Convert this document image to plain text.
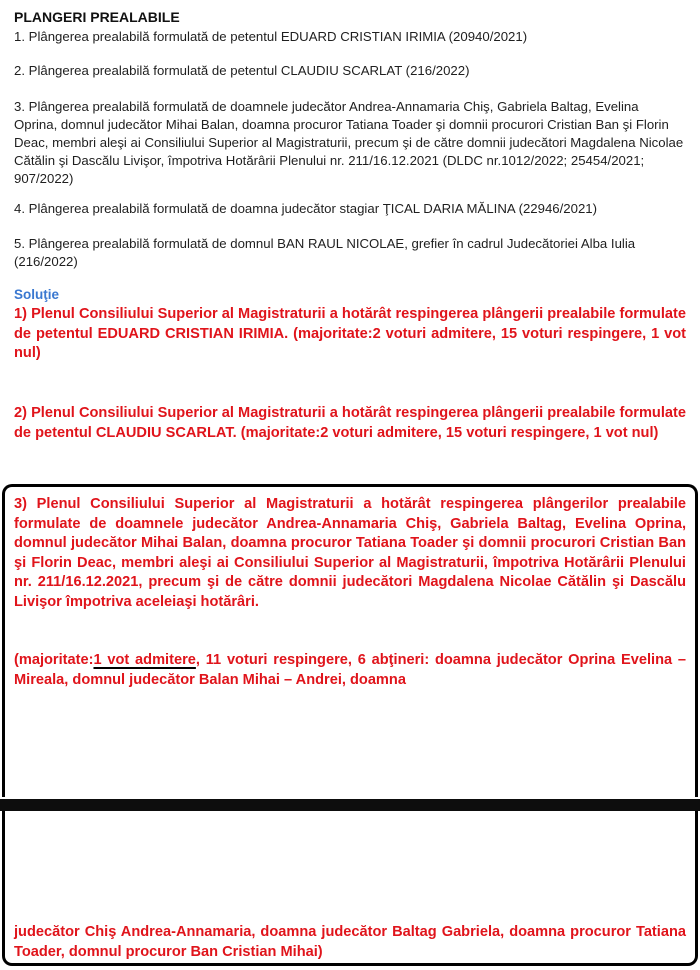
PLANGERI PREALABILE
1. Plângerea prealabilă formulată de petentul EDUARD CRISTIAN IRIMIA (20940/2021)
2. Plângerea prealabilă formulată de petentul CLAUDIU SCARLAT (216/2022)
3. Plângerea prealabilă formulată de doamnele judecător Andrea-Annamaria Chiş, Gabriela Baltag, Evelina Oprina, domnul judecător Mihai Balan, doamna procuror Tatiana Toader şi domnii procurori Cristian Ban şi Florin Deac, membri aleşi ai Consiliului Superior al Magistraturii, precum şi de către domnii judecători Magdalena Nicolae Cătălin şi Dascălu Livişor, împotriva Hotărârii Plenului nr. 211/16.12.2021 (DLDC nr.1012/2022; 25454/2021; 907/2022)
4. Plângerea prealabilă formulată de doamna judecător stagiar ŢICAL DARIA MĂLINA (22946/2021)
5. Plângerea prealabilă formulată de domnul BAN RAUL NICOLAE, grefier în cadrul Judecătoriei Alba Iulia (216/2022)
Soluţie
1) Plenul Consiliului Superior al Magistraturii a hotărât respingerea plângerii prealabile formulate de petentul EDUARD CRISTIAN IRIMIA. (majoritate:2 voturi admitere, 15 voturi respingere, 1 vot nul)
2) Plenul Consiliului Superior al Magistraturii a hotărât respingerea plângerii prealabile formulate de petentul CLAUDIU SCARLAT. (majoritate:2 voturi admitere, 15 voturi respingere, 1 vot nul)
3) Plenul Consiliului Superior al Magistraturii a hotărât respingerea plângerilor prealabile formulate de doamnele judecător Andrea-Annamaria Chiş, Gabriela Baltag, Evelina Oprina, domnul judecător Mihai Balan, doamna procuror Tatiana Toader şi domnii procurori Cristian Ban şi Florin Deac, membri aleşi ai Consiliului Superior al Magistraturii, împotriva Hotărârii Plenului nr. 211/16.12.2021, precum şi de către domnii judecători Magdalena Nicolae Cătălin şi Dascălu Livişor împotriva aceleiaşi hotărâri.
(majoritate:1 vot admitere, 11 voturi respingere, 6 abţineri: doamna judecător Oprina Evelina – Mireala, domnul judecător Balan Mihai – Andrei, doamna
judecător Chiş Andrea-Annamaria, doamna judecător Baltag Gabriela, doamna procuror Tatiana Toader, domnul procuror Ban Cristian Mihai)
